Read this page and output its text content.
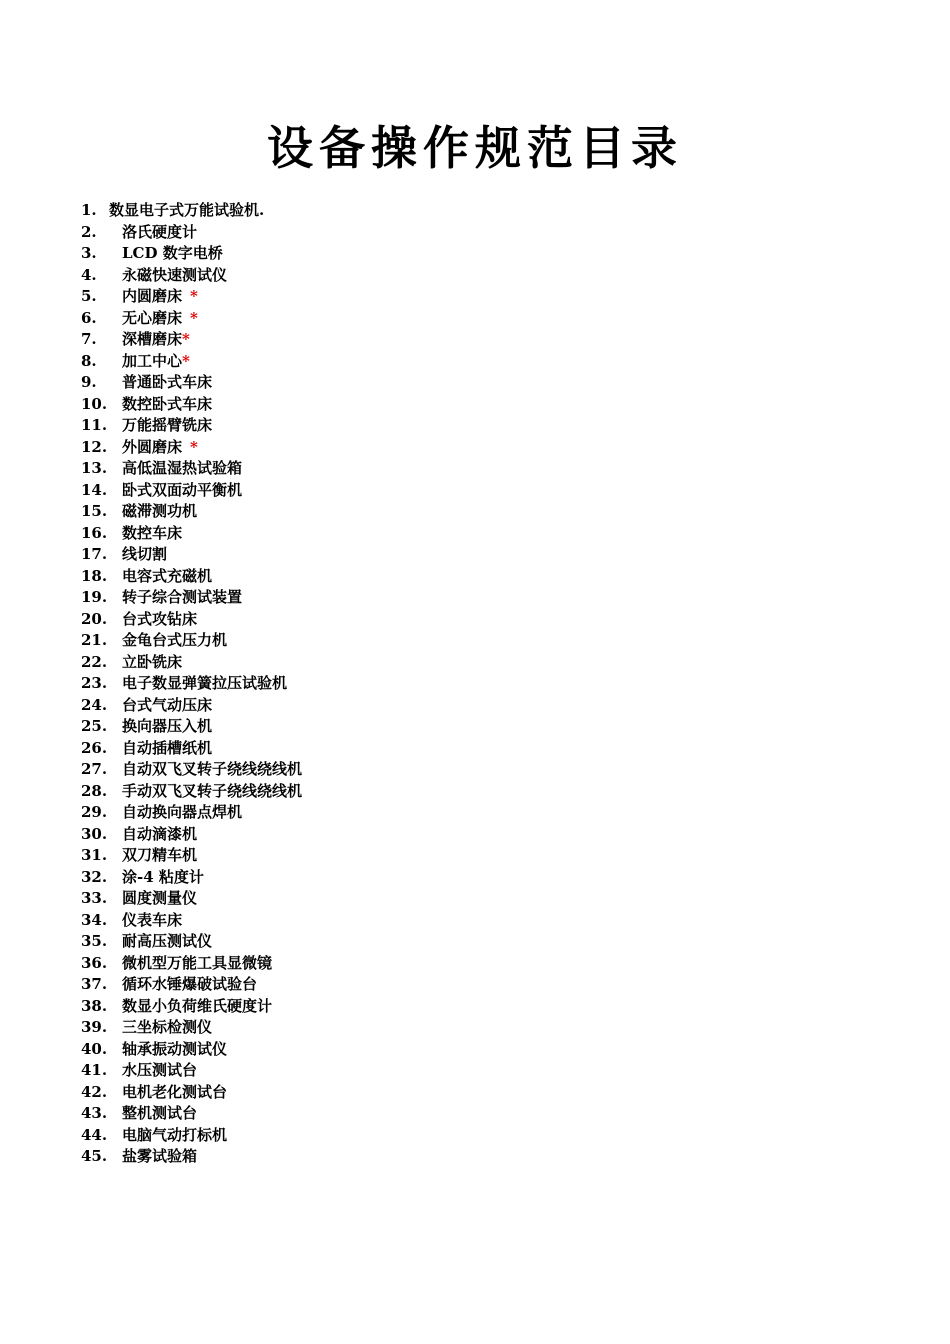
设备操作规范目录
1. 数显电子式万能试验机.
2. 洛氏硬度计
3. LCD 数字电桥
4. 永磁快速测试仪
5. 内圆磨床 *
6. 无心磨床 *
7. 深槽磨床*
8. 加工中心*
9. 普通卧式车床
10. 数控卧式车床
11. 万能摇臂铣床
12. 外圆磨床 *
13. 高低温湿热试验箱
14. 卧式双面动平衡机
15. 磁滞测功机
16. 数控车床
17. 线切割
18. 电容式充磁机
19. 转子综合测试装置
20. 台式攻钻床
21. 金龟台式压力机
22. 立卧铣床
23. 电子数显弹簧拉压试验机
24. 台式气动压床
25. 换向器压入机
26. 自动插槽纸机
27. 自动双飞叉转子绕线绕线机
28. 手动双飞叉转子绕线绕线机
29. 自动换向器点焊机
30. 自动滴漆机
31. 双刀精车机
32. 涂-4 粘度计
33. 圆度测量仪
34. 仪表车床
35. 耐高压测试仪
36. 微机型万能工具显微镜
37. 循环水锤爆破试验台
38. 数显小负荷维氏硬度计
39. 三坐标检测仪
40. 轴承振动测试仪
41. 水压测试台
42. 电机老化测试台
43. 整机测试台
44. 电脑气动打标机
45. 盐雾试验箱
